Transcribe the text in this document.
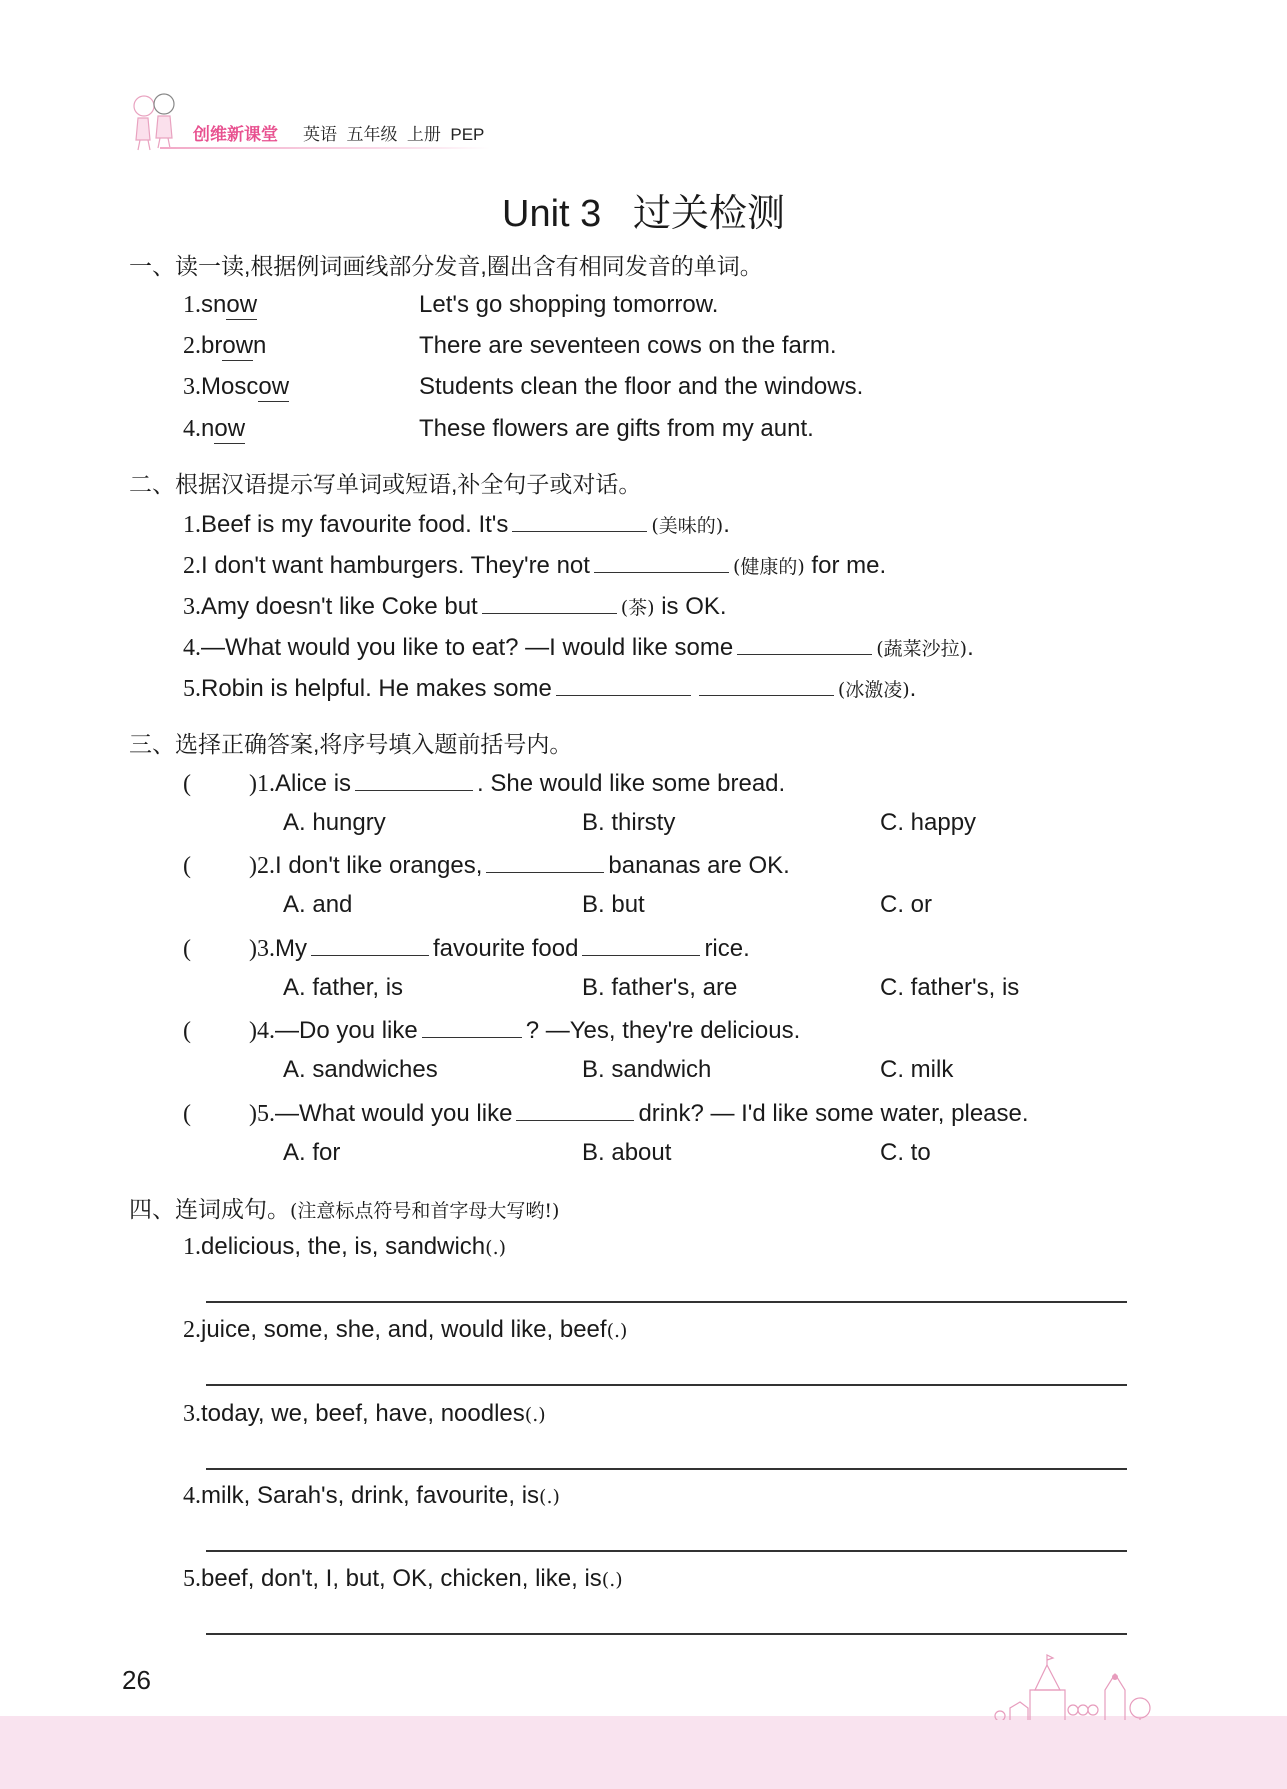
创维新课堂 英语 五年级 上册 PEP
Unit 3   过关检测
一、读一读,根据例词画线部分发音,圈出含有相同发音的单词。
1.snow	Let's go shopping tomorrow.
2.brown	There are seventeen cows on the farm.
3.Moscow	Students clean the floor and the windows.
4.now	These flowers are gifts from my aunt.
二、根据汉语提示写单词或短语,补全句子或对话。
1.Beef is my favourite food. It's	(美味的).
2.I don't want hamburgers. They're not	(健康的) for me.
3.Amy doesn't like Coke but	(茶) is OK.
4.—What would you like to eat? —I would like some	(蔬菜沙拉).
5.Robin is helpful. He makes some	(冰激凌).
三、选择正确答案,将序号填入题前括号内。
( )1.Alice is	. She would like some bread.
A. hungry	B. thirsty	C. happy
( )2.I don't like oranges,	bananas are OK.
A. and	B. but	C. or
( )3.My	favourite food	rice.
A. father, is	B. father's, are	C. father's, is
( )4.—Do you like	? —Yes, they're delicious.
A. sandwiches	B. sandwich	C. milk
( )5.—What would you like	drink? — I'd like some water, please.
A. for	B. about	C. to
四、连词成句。(注意标点符号和首字母大写哟!)
1.delicious, the, is, sandwich(.)
2.juice, some, she, and, would like, beef(.)
3.today, we, beef, have, noodles(.)
4.milk, Sarah's, drink, favourite, is(.)
5.beef, don't, I, but, OK, chicken, like, is(.)
26
